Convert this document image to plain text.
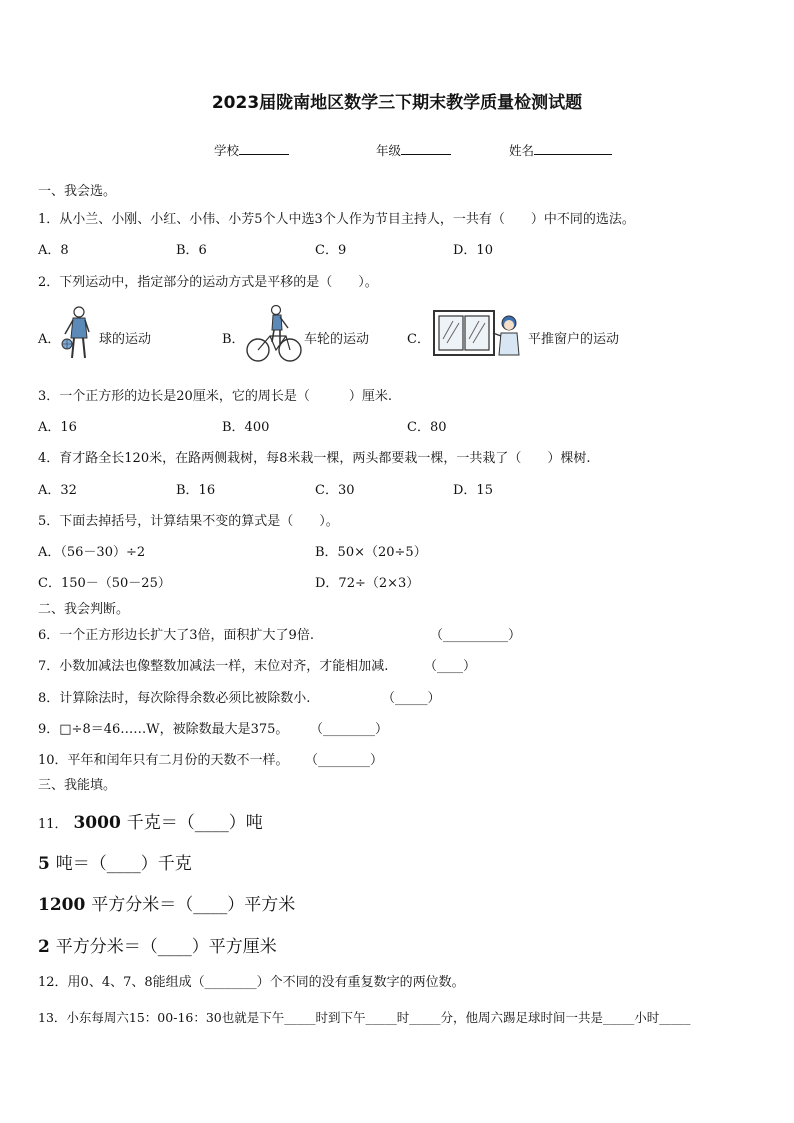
2023届陇南地区数学三下期末教学质量检测试题
学校	年级	姓名
一、我会选。
1．从小兰、小刚、小红、小伟、小芳5个人中选3个人作为节目主持人，一共有（　　）中不同的选法。
A．8	B．6	C．9	D．10
2．下列运动中，指定部分的运动方式是平移的是（　　）。
A．	球的运动	B．	车轮的运动	C．	平推窗户的运动
3．一个正方形的边长是20厘米，它的周长是（　　　）厘米.
A．16	B．400	C．80
4．育才路全长120米，在路两侧栽树，每8米栽一棵，两头都要栽一棵，一共栽了（　　）棵树.
A．32	B．16	C．30	D．15
5．下面去掉括号，计算结果不变的算式是（　　）。
A．（56－30）÷2	B．50×（20÷5）
C．150－（50－25）	D．72÷（2×3）
二、我会判断。
6．一个正方形边长扩大了3倍，面积扩大了9倍.	（__________）
7．小数加减法也像整数加减法一样，末位对齐，才能相加减.	（____）
8．计算除法时，每次除得余数必须比被除数小.	（_____）
9．□÷8＝46……W，被除数最大是375。 （________）
10．平年和闰年只有二月份的天数不一样。 （________）
三、我能填。
11． 3000 千克＝（____）吨
5 吨＝（____）千克
1200 平方分米＝（____）平方米
2 平方分米＝（____）平方厘米
12．用0、4、7、8能组成（________）个不同的没有重复数字的两位数。
13．小东每周六15：00-16：30也就是下午_____时到下午_____时_____分，他周六踢足球时间一共是_____小时_____
